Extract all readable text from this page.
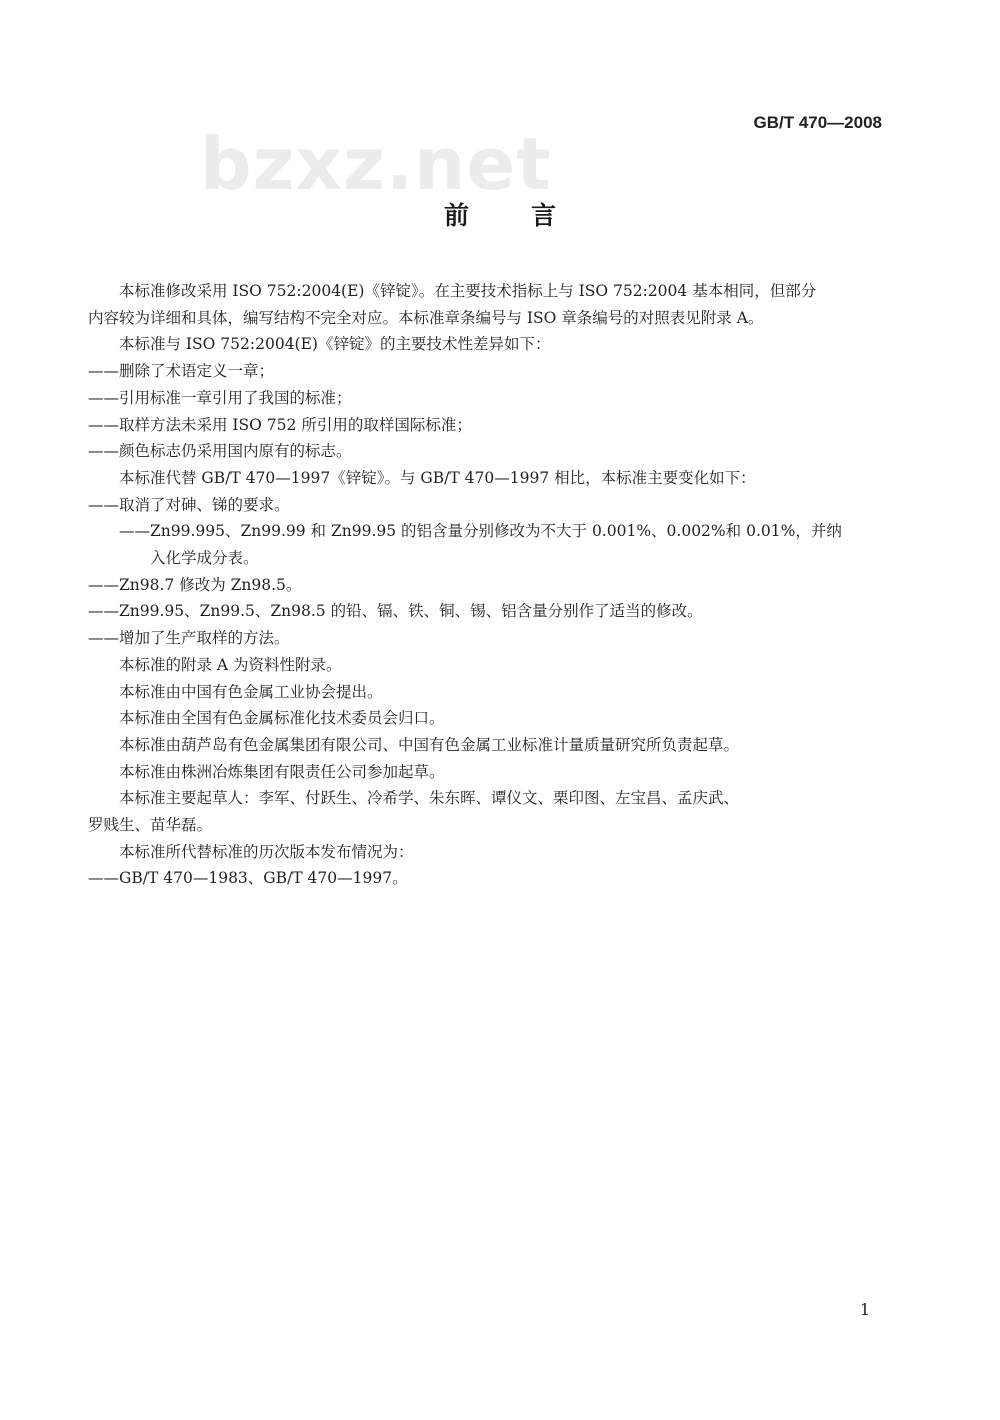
bzxz.net	GB/T 470—2008
前言

本标准修改采用 ISO 752:2004(E)《锌锭》。在主要技术指标上与 ISO 752:2004 基本相同，但部分

内容较为详细和具体，编写结构不完全对应。本标准章条编号与 ISO 章条编号的对照表见附录 A。

本标准与 ISO 752:2004(E)《锌锭》的主要技术性差异如下：

——删除了术语定义一章；

——引用标准一章引用了我国的标准；

——取样方法未采用 ISO 752 所引用的取样国际标准；

——颜色标志仍采用国内原有的标志。

本标准代替 GB/T 470—1997《锌锭》。与 GB/T 470—1997 相比，本标准主要变化如下：

——取消了对砷、锑的要求。

——Zn99.995、Zn99.99 和 Zn99.95 的铝含量分别修改为不大于 0.001%、0.002%和 0.01%，并纳
入化学成分表。

——Zn98.7 修改为 Zn98.5。

——Zn99.95、Zn99.5、Zn98.5 的铅、镉、铁、铜、锡、铝含量分别作了适当的修改。

——增加了生产取样的方法。

本标准的附录 A 为资料性附录。

本标准由中国有色金属工业协会提出。

本标准由全国有色金属标准化技术委员会归口。

本标准由葫芦岛有色金属集团有限公司、中国有色金属工业标准计量质量研究所负责起草。

本标准由株洲冶炼集团有限责任公司参加起草。

本标准主要起草人：李军、付跃生、冷希学、朱东晖、谭仪文、栗印图、左宝昌、孟庆武、

罗贱生、苗华磊。

本标准所代替标准的历次版本发布情况为：

——GB/T 470—1983、GB/T 470—1997。

1
